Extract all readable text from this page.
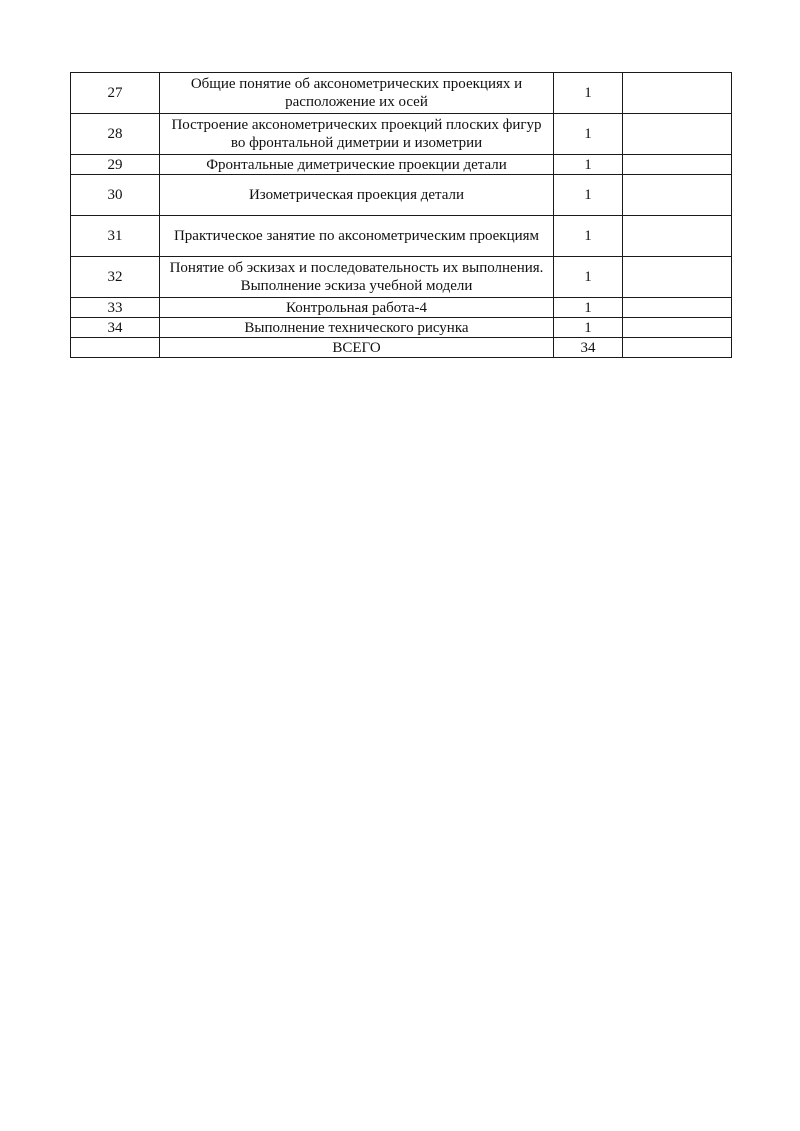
27	Общие понятие об аксонометрических проекциях и расположение их осей	1	
28	Построение аксонометрических проекций плоских фигур во фронтальной диметрии и изометрии	1	
29	Фронтальные диметрические проекции детали	1	
30	Изометрическая проекция детали	1	
31	Практическое занятие по аксонометрическим проекциям	1	
32	Понятие об эскизах и последовательность их выполнения. Выполнение эскиза учебной модели	1	
33	Контрольная работа-4	1	
34	Выполнение технического рисунка	1	
	ВСЕГО	34	
